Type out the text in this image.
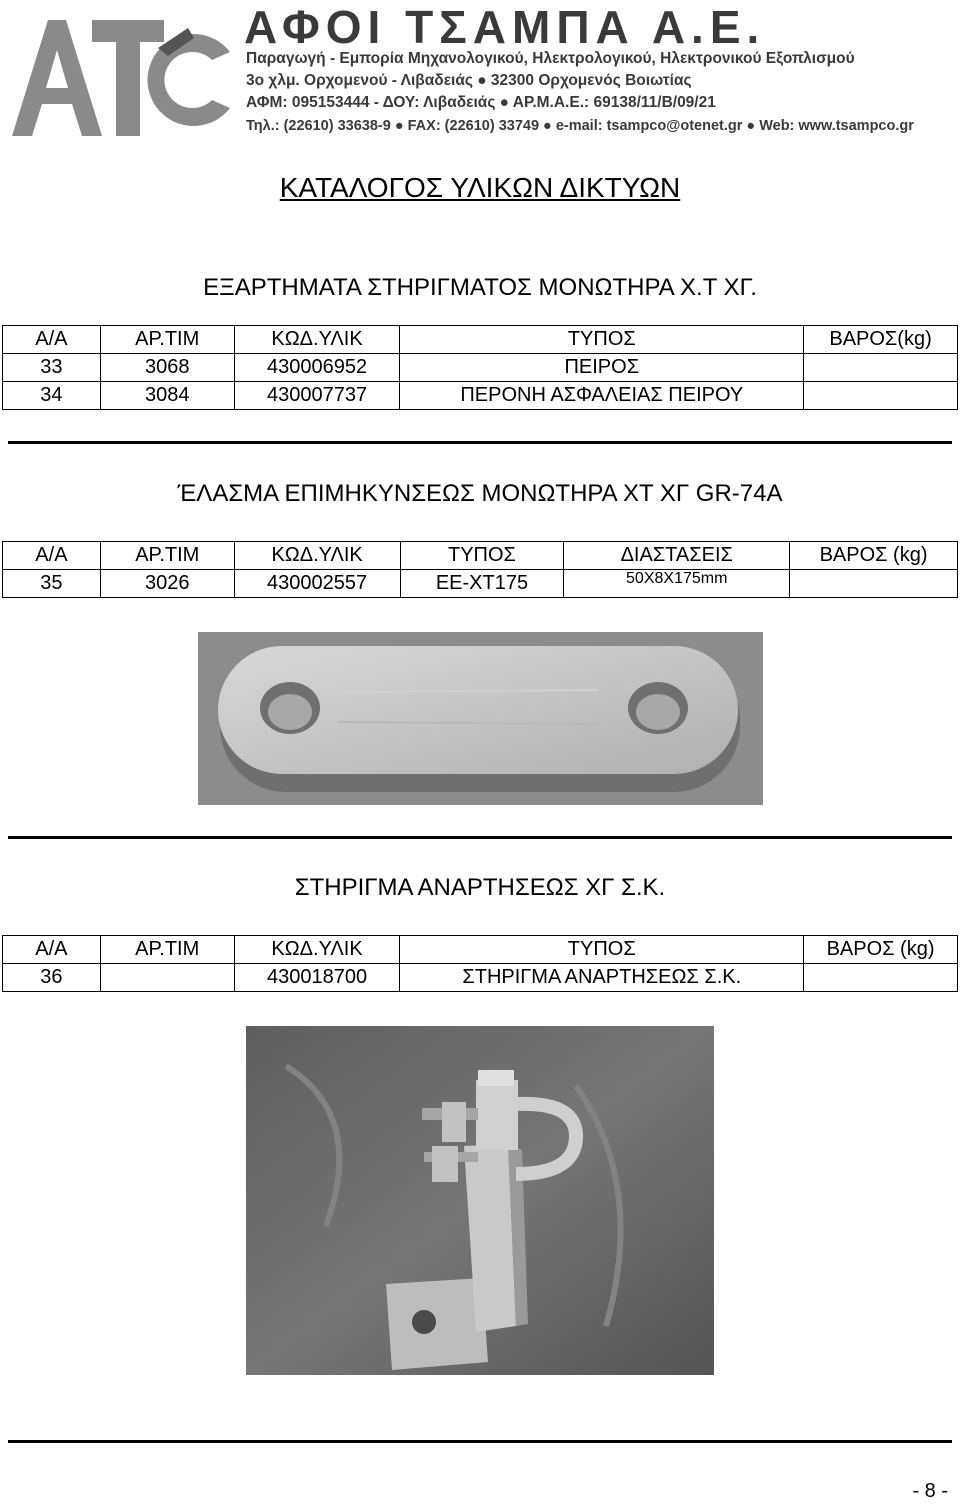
ΑΦΟΙ ΤΣΑΜΠΑ Α.Ε.
Παραγωγή - Εμπορία Μηχανολογικού, Ηλεκτρολογικού, Ηλεκτρονικού Εξοπλισμού
3ο χλμ. Ορχομενού - Λιβαδειάς ● 32300 Ορχομενός Βοιωτίας
ΑΦΜ: 095153444 - ΔΟΥ: Λιβαδειάς ● ΑΡ.Μ.Α.Ε.: 69138/11/Β/09/21
Τηλ.: (22610) 33638-9 ● FAX: (22610) 33749 ● e-mail: tsampco@otenet.gr ● Web: www.tsampco.gr
ΚΑΤΑΛΟΓΟΣ ΥΛΙΚΩΝ ΔΙΚΤΥΩΝ
ΕΞΑΡΤΗΜΑΤΑ ΣΤΗΡΙΓΜΑΤΟΣ ΜΟΝΩΤΗΡΑ Χ.Τ ΧΓ.
Α/Α	ΑΡ.ΤΙΜ	ΚΩΔ.ΥΛΙΚ	ΤΥΠΟΣ	ΒΑΡΟΣ(kg)
33	3068	430006952	ΠΕΙΡΟΣ	
34	3084	430007737	ΠΕΡΟΝΗ ΑΣΦΑΛΕΙΑΣ ΠΕΙΡΟΥ	
ΈΛΑΣΜΑ ΕΠΙΜΗΚΥΝΣΕΩΣ ΜΟΝΩΤΗΡΑ ΧΤ ΧΓ GR-74A
Α/Α	ΑΡ.ΤΙΜ	ΚΩΔ.ΥΛΙΚ	ΤΥΠΟΣ	ΔΙΑΣΤΑΣΕΙΣ	ΒΑΡΟΣ (kg)
35	3026	430002557	ΕΕ-ΧΤ175	50Χ8Χ175mm	
ΣΤΗΡΙΓΜΑ ΑΝΑΡΤΗΣΕΩΣ ΧΓ Σ.Κ.
Α/Α	ΑΡ.ΤΙΜ	ΚΩΔ.ΥΛΙΚ	ΤΥΠΟΣ	ΒΑΡΟΣ (kg)
36		430018700	ΣΤΗΡΙΓΜΑ ΑΝΑΡΤΗΣΕΩΣ Σ.Κ.	
- 8 -
